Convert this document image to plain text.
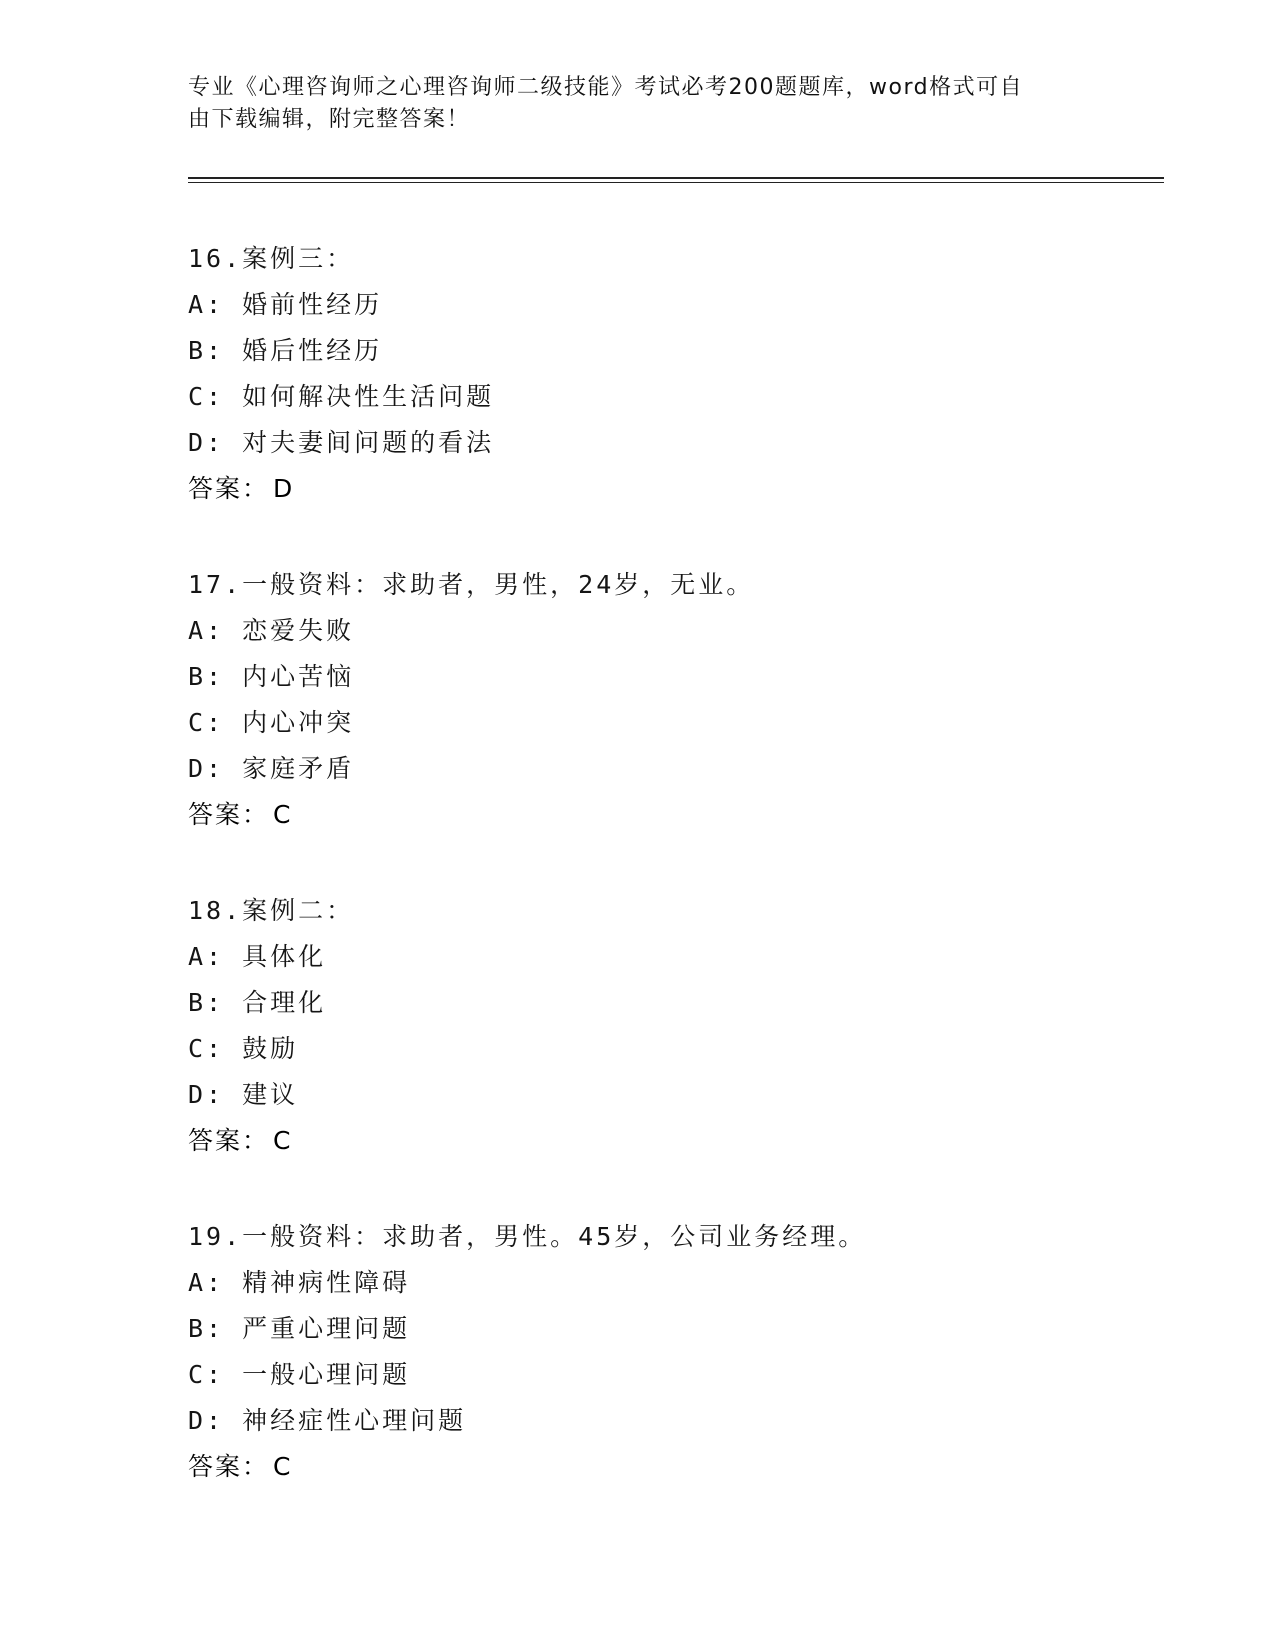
专业《心理咨询师之心理咨询师二级技能》考试必考200题题库，word格式可自
由下载编辑，附完整答案！
16.案例三：
A: 婚前性经历
B: 婚后性经历
C: 如何解决性生活问题
D: 对夫妻间问题的看法
答案： D
17.一般资料：求助者，男性，24岁，无业。
A: 恋爱失败
B: 内心苦恼
C: 内心冲突
D: 家庭矛盾
答案： C
18.案例二：
A: 具体化
B: 合理化
C: 鼓励
D: 建议
答案： C
19.一般资料：求助者，男性。45岁，公司业务经理。
A: 精神病性障碍
B: 严重心理问题
C: 一般心理问题
D: 神经症性心理问题
答案： C
